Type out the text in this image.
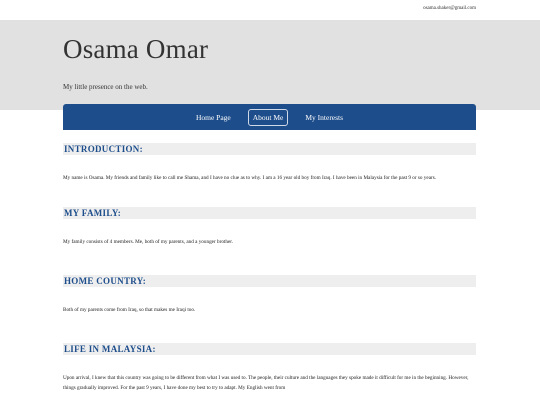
osama.shaker@gmail.com
Osama Omar
My little presence on the web.
Home Page	About Me	My Interests
INTRODUCTION:

My name is Osama. My friends and family like to call me Shama, and I have no clue as to why. I am a 16 year old boy from Iraq. I have been in Malaysia for the past 9 or so years.

MY FAMILY:

My family consists of 4 members. Me, both of my parents, and a younger brother.

HOME COUNTRY:

Both of my parents come from Iraq, so that makes me Iraqi too.

LIFE IN MALAYSIA:

Upon arrival, I knew that this country was going to be different from what I was used to. The people, their culture and the languages they spoke made it difficult for me in the beginning. However, things gradually improved. For the past 9 years, I have done my best to try to adapt. My English went from
